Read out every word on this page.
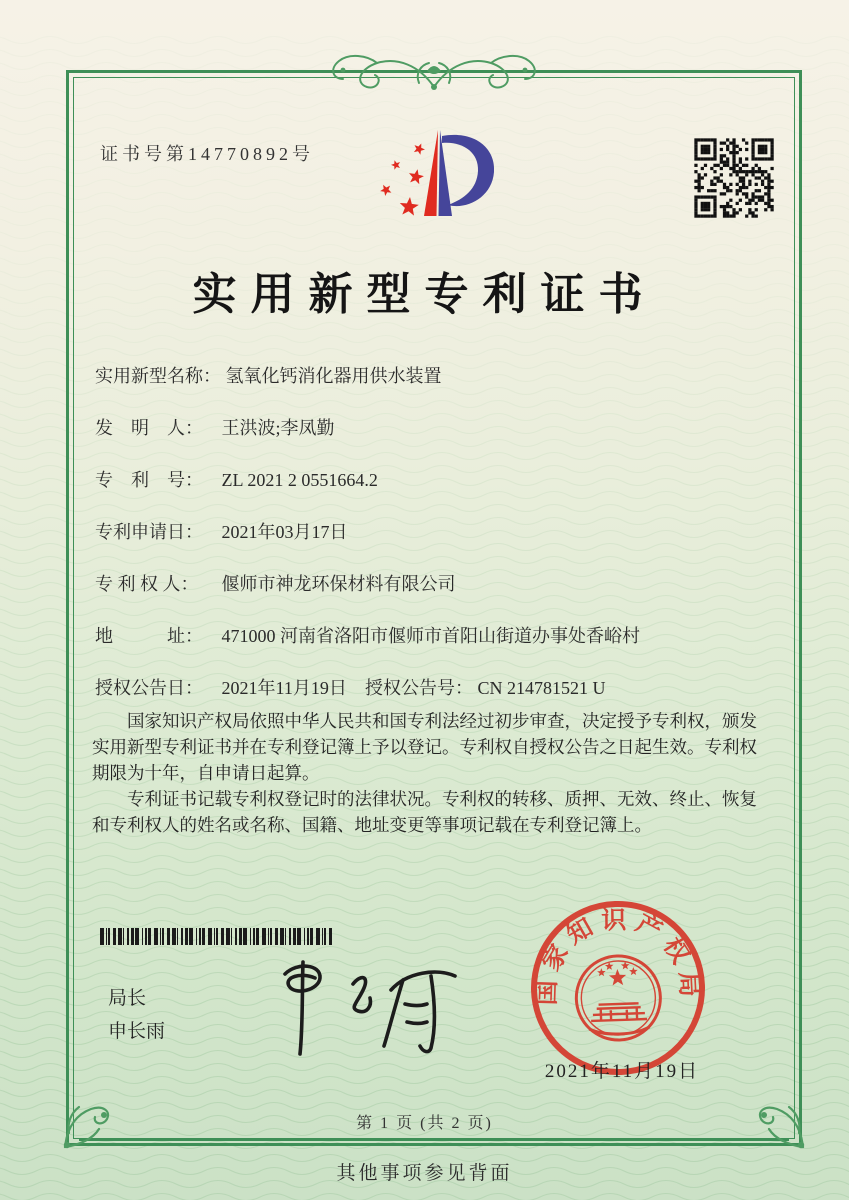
证书号第14770892号
实用新型专利证书
实用新型名称： 氢氧化钙消化器用供水装置
发　明　人： 王洪波;李凤勤
专　利　号： ZL 2021 2 0551664.2
专利申请日： 2021年03月17日
专 利 权 人： 偃师市神龙环保材料有限公司
地　　　址： 471000 河南省洛阳市偃师市首阳山街道办事处香峪村
授权公告日： 2021年11月19日 授权公告号： CN 214781521 U

国家知识产权局依照中华人民共和国专利法经过初步审查，决定授予专利权，颁发实用新型专利证书并在专利登记簿上予以登记。专利权自授权公告之日起生效。专利权期限为十年，自申请日起算。

专利证书记载专利权登记时的法律状况。专利权的转移、质押、无效、终止、恢复和专利权人的姓名或名称、国籍、地址变更等事项记载在专利登记簿上。

局长
申长雨
国家知识产权局
2021年11月19日
第 1 页 (共 2 页)
其他事项参见背面
